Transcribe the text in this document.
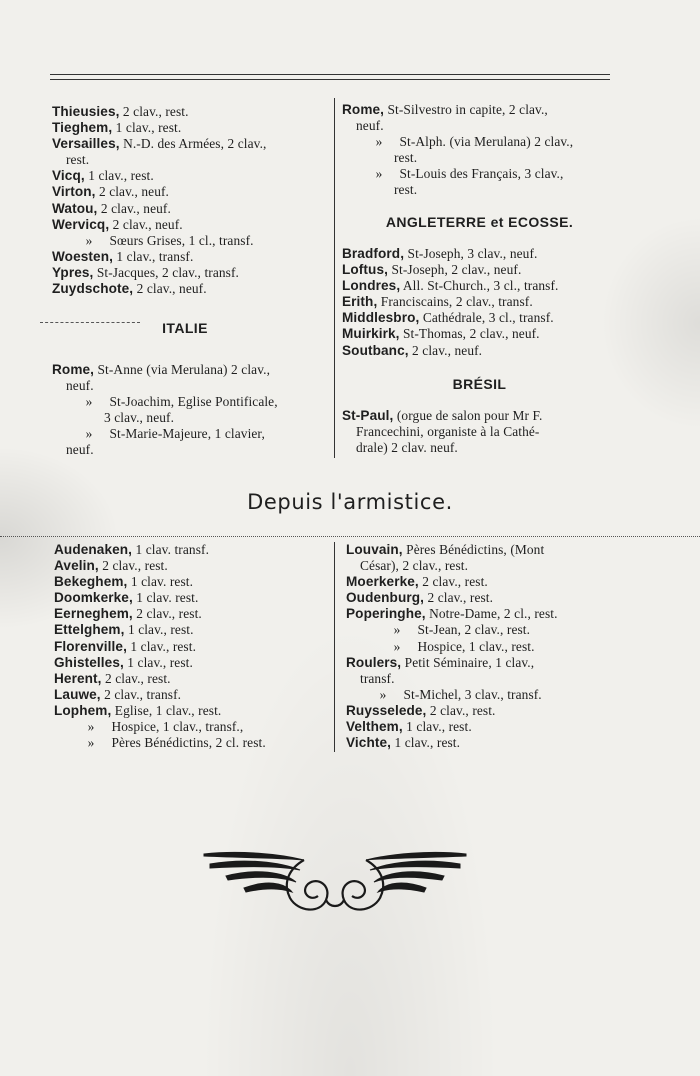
Thieusies, 2 clav., rest.
Tieghem, 1 clav., rest.
Versailles, N.-D. des Armées, 2 clav.,
rest.
Vicq, 1 clav., rest.
Virton, 2 clav., neuf.
Watou, 2 clav., neuf.
Wervicq, 2 clav., neuf.
» Sœurs Grises, 1 cl., transf.
Woesten, 1 clav., transf.
Ypres, St-Jacques, 2 clav., transf.
Zuydschote, 2 clav., neuf.
ITALIE
Rome, St-Anne (via Merulana) 2 clav.,
neuf.
» St-Joachim, Eglise Pontificale,
3 clav., neuf.
» St-Marie-Majeure, 1 clavier,
neuf.
Rome, St-Silvestro in capite, 2 clav.,
neuf.
» St-Alph. (via Merulana) 2 clav.,
rest.
» St-Louis des Français, 3 clav.,
rest.
ANGLETERRE et ECOSSE.
Bradford, St-Joseph, 3 clav., neuf.
Loftus, St-Joseph, 2 clav., neuf.
Londres, All. St-Church., 3 cl., transf.
Erith, Franciscains, 2 clav., transf.
Middlesbro, Cathédrale, 3 cl., transf.
Muirkirk, St-Thomas, 2 clav., neuf.
Soutbanc, 2 clav., neuf.
BRÉSIL
St-Paul, (orgue de salon pour Mr F.
Francechini, organiste à la Cathé-
drale) 2 clav. neuf.
Depuis l'armistice.
Audenaken, 1 clav. transf.
Avelin, 2 clav., rest.
Bekeghem, 1 clav. rest.
Doomkerke, 1 clav. rest.
Eerneghem, 2 clav., rest.
Ettelghem, 1 clav., rest.
Florenville, 1 clav., rest.
Ghistelles, 1 clav., rest.
Herent, 2 clav., rest.
Lauwe, 2 clav., transf.
Lophem, Eglise, 1 clav., rest.
» Hospice, 1 clav., transf.,
» Pères Bénédictins, 2 cl. rest.
Louvain, Pères Bénédictins, (Mont
César), 2 clav., rest.
Moerkerke, 2 clav., rest.
Oudenburg, 2 clav., rest.
Poperinghe, Notre-Dame, 2 cl., rest.
» St-Jean, 2 clav., rest.
» Hospice, 1 clav., rest.
Roulers, Petit Séminaire, 1 clav.,
transf.
» St-Michel, 3 clav., transf.
Ruysselede, 2 clav., rest.
Velthem, 1 clav., rest.
Vichte, 1 clav., rest.
